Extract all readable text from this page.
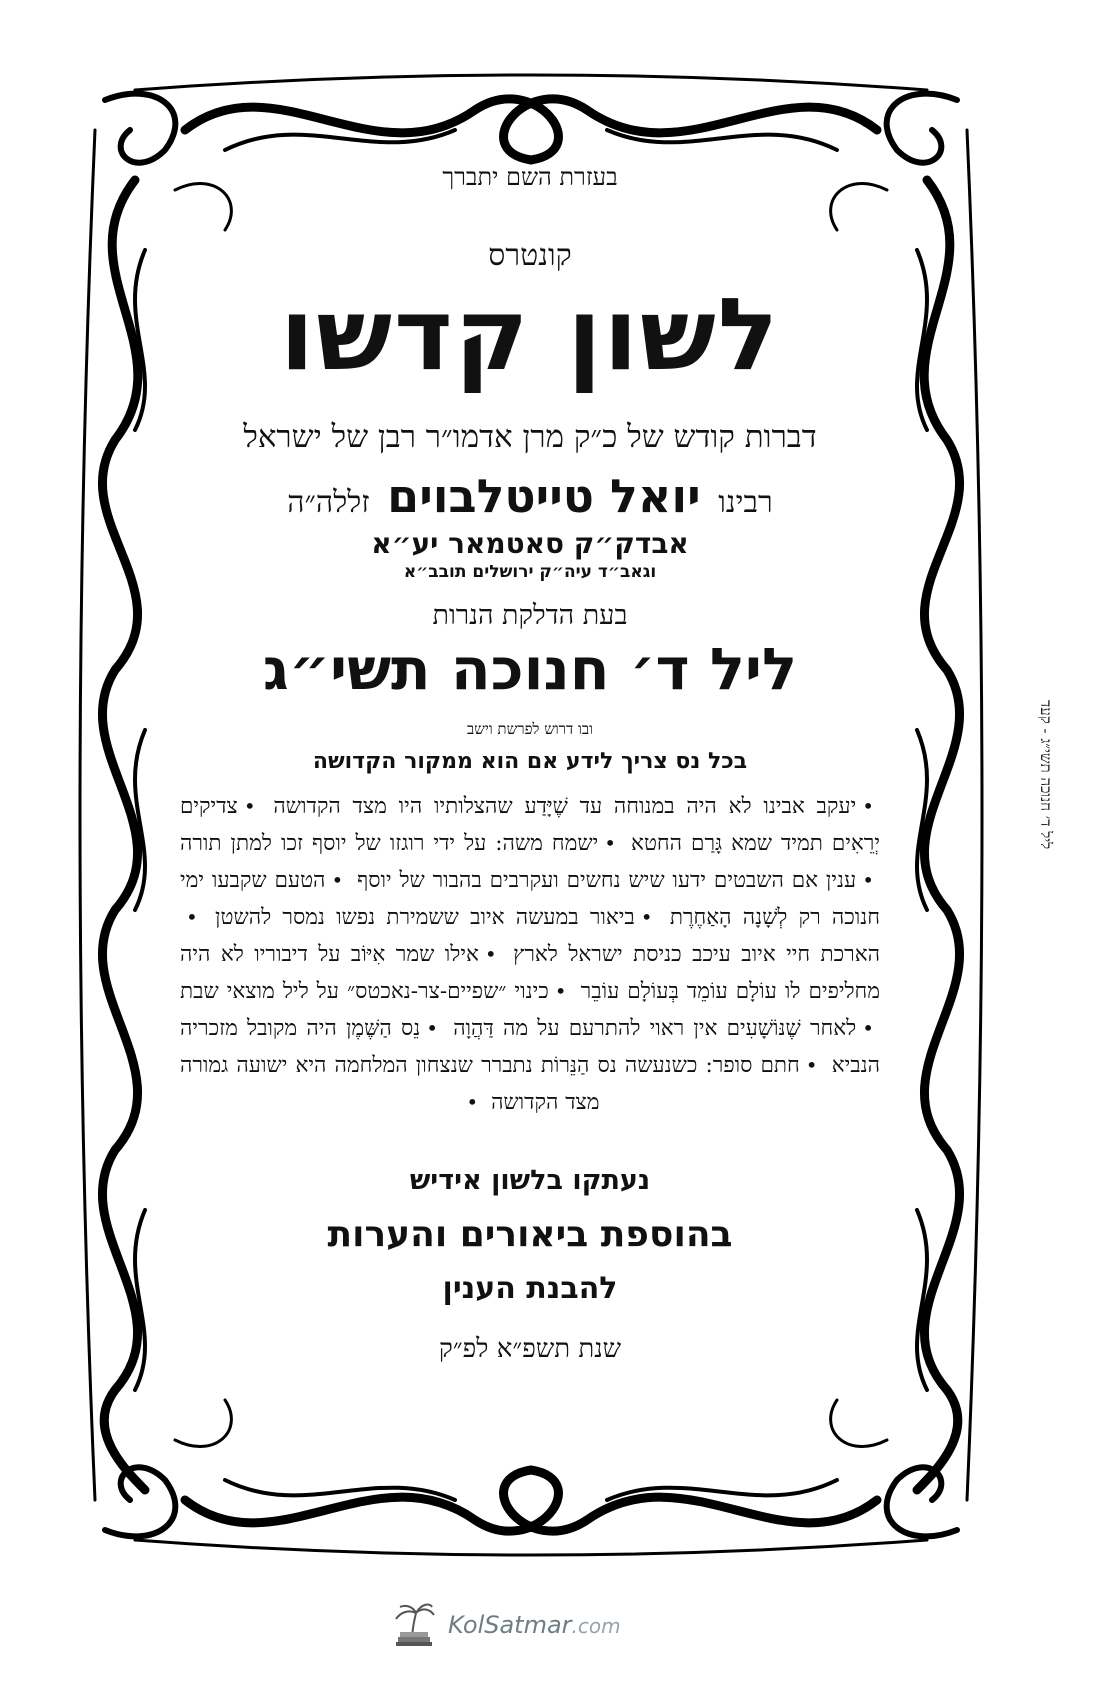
בעזרת השם יתברך
קונטרס
לשון קדשו
דברות קודש של כ״ק מרן אדמו״ר רבן של ישראל
רבינו יואל טייטלבוים זללה״ה
אבדק״ק סאטמאר יע״א
וגאב״ד עיה״ק ירושלים תובב״א
בעת הדלקת הנרות
ליל ד׳ חנוכה תשי״ג
ובו דרוש לפרשת וישב
בכל נס צריך לידע אם הוא ממקור הקדושה
•יעקב אבינו לא היה במנוחה עד שֶׁיָּדַע שהצלותיו היו מצד הקדושה •צדיקים יְרֵאִים תמיד שמא גָּרַם החטא •ישמח משה: על ידי רוגזו של יוסף זכו למתן תורה •ענין אם השבטים ידעו שיש נחשים ועקרבים בהבור של יוסף •הטעם שקבעו ימי חנוכה רק לְשָׁנָה הָאַחֶרֶת •ביאור במעשה איוב ששמירת נפשו נמסר להשטן •הארכת חיי איוב עיכב כניסת ישראל לארץ •אילו שמר אִיּוֹב על דיבוריו לא היה מחליפים לו עוֹלָם עוֹמֵד בְּעוֹלָם עוֹבֵר •כינוי ״שפיים-צר-נאכטס״ על ליל מוצאי שבת •לאחר שֶׁנּוֹשָׁעִים אין ראוי להתרעם על מה דַּהֲוָה •נֵס הַשֶּׁמֶן היה מקובל מזכריה הנביא •חתם סופר: כשנעשה נס הַנֵּרוֹת נתברר שנצחון המלחמה היא ישועה גמורה מצד הקדושה •
נעתקו בלשון אידיש
בהוספת ביאורים והערות
להבנת הענין
שנת תשפ״א לפ״ק
ליל ד׳ חנוכה תשי״ג - קעד
KolSatmar.com
